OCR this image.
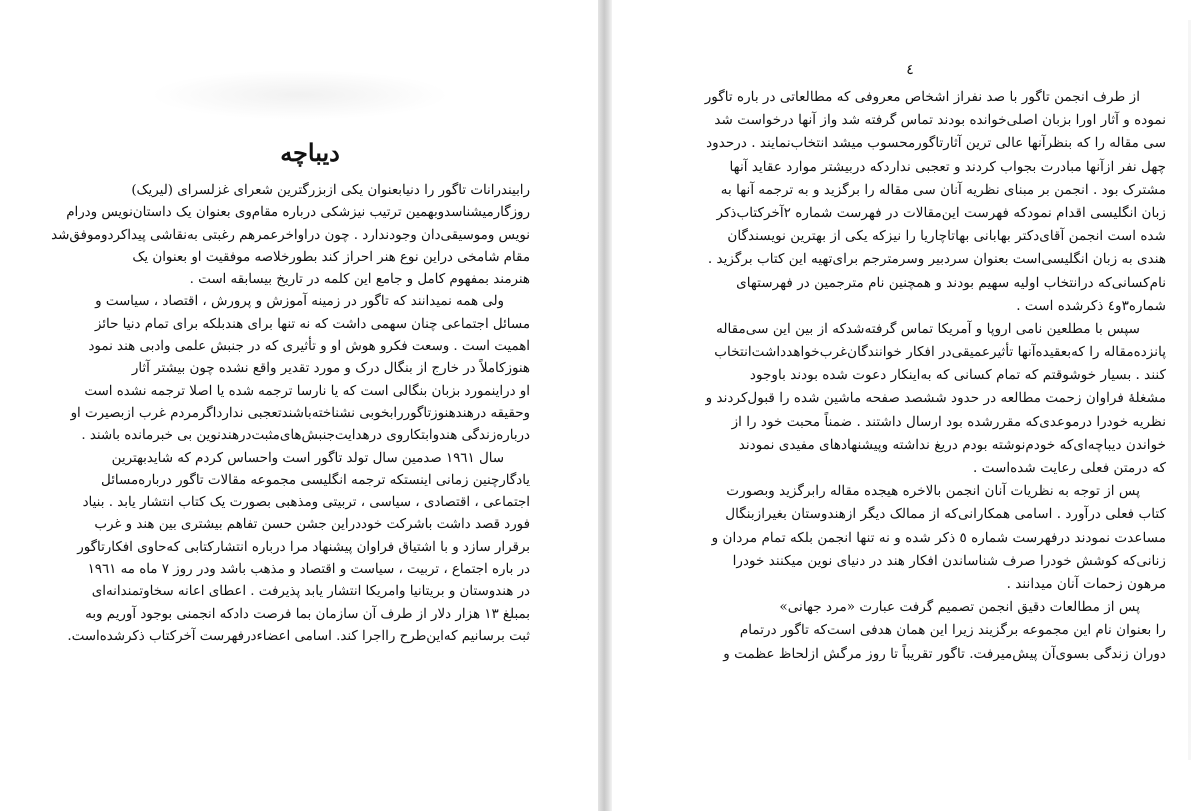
دیباچه
رابیندرانات تاگور را دنیابعنوان یکی ازبزرگترین شعرای غزلسرای (لیریک)
روزگارمیشناسدوبهمین ترتیب نیزشکی درباره مقام‌وی بعنوان یک داستان‌نویس ودرام
نویس وموسیقی‌دان وجودندارد . چون دراواخرعمرهم رغبتی به‌نقاشی پیداکردوموفق‌شد
مقام شامخی دراین نوع هنر احراز کند بطورخلاصه موفقیت او بعنوان یک
هنرمند بمفهوم کامل و جامع این کلمه در تاریخ بیسابقه است .
ولی همه نمیدانند که تاگور در زمینه آموزش و پرورش ، اقتصاد ، سیاست و
مسائل اجتماعی چنان سهمی داشت که نه تنها برای هندبلکه برای تمام دنیا حائز
اهمیت است . وسعت فکرو هوش او و تأثیری که در جنبش علمی وادبی هند نمود
هنوزکاملاً در خارج از بنگال درک و مورد تقدیر واقع نشده چون بیشتر آثار
او دراینمورد بزبان بنگالی است که یا نارسا ترجمه شده یا اصلا ترجمه نشده است
وحقیقه درهندهنوزتاگوررابخوبی نشناخته‌باشندتعجبی ندارداگرمردم غرب ازبصیرت او
دربارەزندگی هندوابتکاروی درهدایت‌جنبش‌های‌مثبت‌درهندنوین بی خبرمانده باشند .
سال ١٩٦١ صدمین سال تولد تاگور است واحساس کردم که شایدبهترین
یادگارچنین زمانی اینستکه ترجمه انگلیسی مجموعه مقالات تاگور درباره‌مسائل
اجتماعی ، اقتصادی ، سیاسی ، تربیتی ومذهبی بصورت یک کتاب انتشار یابد . بنیاد
فورد قصد داشت باشرکت خوددراین جشن حسن تفاهم بیشتری بین هند و غرب
برقرار سازد و با اشتیاق فراوان پیشنهاد مرا درباره انتشارکتابی که‌حاوی افکارتاگور
در باره اجتماع ، تربیت ، سیاست و اقتصاد و مذهب باشد ودر روز ٧ ماه مه ١٩٦١
در هندوستان و بریتانیا وامریکا انتشار یابد پذیرفت . اعطای اعانه سخاوتمندانه‌ای
بمبلغ ١٣ هزار دلار از طرف آن سازمان بما فرصت دادکه انجمنی بوجود آوریم وبه
ثبت برسانیم که‌این‌طرح رااجرا کند. اسامی اعضاءدرفهرست آخرکتاب ذکرشده‌است.

٤

از طرف انجمن تاگور با صد نفراز اشخاص معروفی که مطالعاتی در باره تاگور
نموده و آثار اورا بزبان اصلی‌خوانده بودند تماس گرفته شد واز آنها درخواست شد
سی مقاله را که بنظرآنها عالی ترین آثارتاگورمحسوب میشد انتخاب‌نمایند . درحدود
چهل نفر ازآنها مبادرت بجواب کردند و تعجبی نداردکه دربیشتر موارد عقاید آنها
مشترک بود . انجمن بر مبنای نظریه آنان سی مقاله را برگزید و به ترجمه آنها به
زبان انگلیسی اقدام نمودکه فهرست این‌مقالات در فهرست شماره ٢آخرکتاب‌ذکر
شده است انجمن آقای‌دکتر بهابانی بهاتاچاریا را نیزکه یکی از بهترین نویسندگان
هندی به زبان انگلیسی‌است بعنوان سردبیر وسرمترجم برای‌تهیه این کتاب برگزید .
نام‌کسانی‌که درانتخاب اولیه سهیم بودند و همچنین نام مترجمین در فهرستهای
شماره٣و٤ ذکرشده است .
سپس با مطلعین نامی اروپا و آمریکا تماس گرفته‌شدکه از بین این سی‌مقاله
پانزده‌مقاله را که‌بعقیده‌آنها تأثیرعمیقی‌در افکار خوانندگان‌غرب‌خواهدداشت‌انتخاب
کنند . بسیار خوشوقتم که تمام کسانی که به‌اینکار دعوت شده بودند باوجود
مشغلهٔ فراوان زحمت مطالعه در حدود ششصد صفحه ماشین شده را قبول‌کردند و
نظریه خودرا درموعدی‌که مقررشده بود ارسال داشتند . ضمناً محبت خود را از
خواندن دیباچه‌ای‌که خودم‌نوشته بودم دریغ نداشته وپیشنهادهای مفیدی نمودند
که درمتن فعلی رعایت شده‌است .
پس از توجه به نظریات آنان انجمن بالاخره هیجده مقاله رابرگزید وبصورت
کتاب فعلی درآورد . اسامی همکارانی‌که از ممالک دیگر ازهندوستان بغیرازبنگال
مساعدت نمودند درفهرست شماره ٥ ذکر شده و نه تنها انجمن بلکه تمام مردان و
زنانی‌که کوشش خودرا صرف شناساندن افکار هند در دنیای نوین میکنند خودرا
مرهون زحمات آنان میدانند .
پس از مطالعات دقیق انجمن تصمیم گرفت عبارت «مرد جهانی»
را بعنوان نام این مجموعه برگزیند زیرا این همان هدفی است‌که تاگور درتمام
دوران زندگی بسوی‌آن پیش‌میرفت. تاگور تقریباً تا روز مرگش ازلحاظ عظمت و
